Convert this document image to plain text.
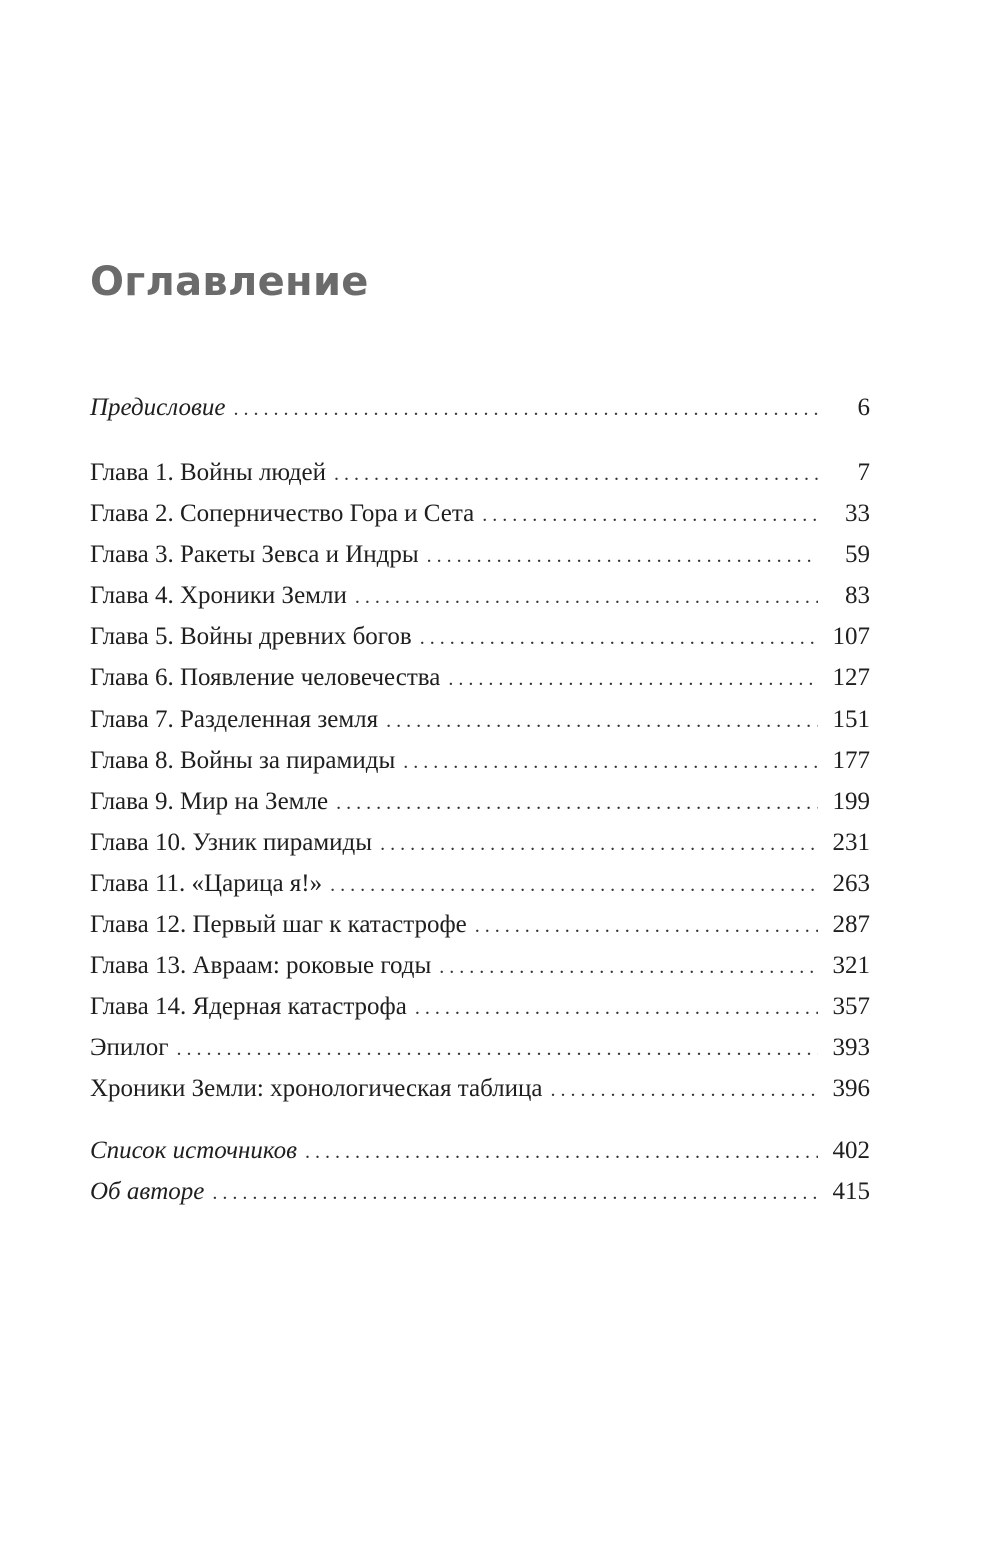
Оглавление
Предисловие . . .	6
Глава 1. Войны людей . . .	7
Глава 2. Соперничество Гора и Сета . . .	33
Глава 3. Ракеты Зевса и Индры . . .	59
Глава 4. Хроники Земли . . .	83
Глава 5. Войны древних богов . . .	107
Глава 6. Появление человечества . . .	127
Глава 7. Разделенная земля . . .	151
Глава 8. Войны за пирамиды . . .	177
Глава 9. Мир на Земле . . .	199
Глава 10. Узник пирамиды . . .	231
Глава 11. «Царица я!» . . .	263
Глава 12. Первый шаг к катастрофе . . .	287
Глава 13. Авраам: роковые годы . . .	321
Глава 14. Ядерная катастрофа . . .	357
Эпилог . . .	393
Хроники Земли: хронологическая таблица . . .	396
Список источников . . .	402
Об авторе . . .	415
